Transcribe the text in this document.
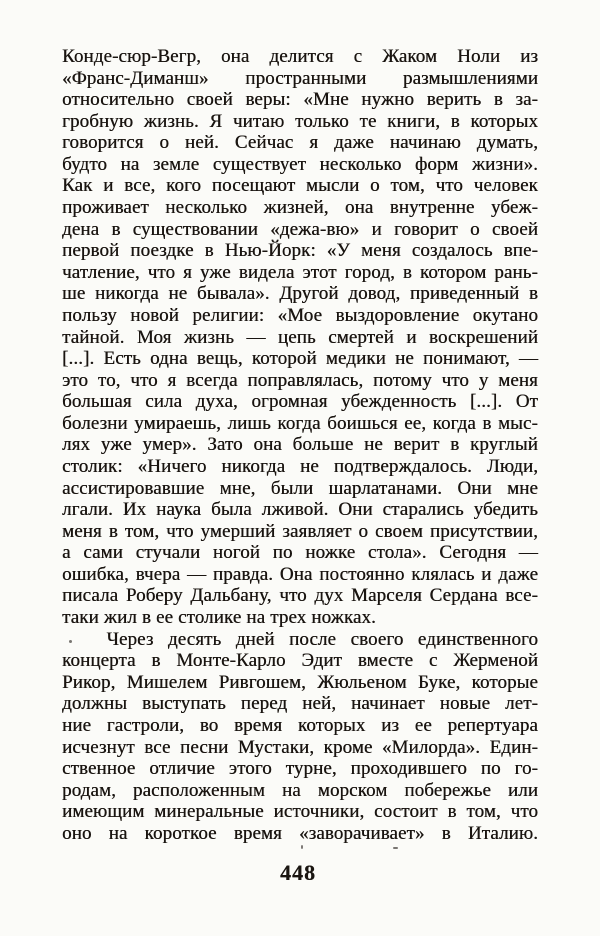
Конде-сюр-Вегр, она делится с Жаком Ноли из
«Франс-Диманш» пространными размышлениями
относительно своей веры: «Мне нужно верить в за-
гробную жизнь. Я читаю только те книги, в которых
говорится о ней. Сейчас я даже начинаю думать,
будто на земле существует несколько форм жизни».
Как и все, кого посещают мысли о том, что человек
проживает несколько жизней, она внутренне убеж-
дена в существовании «дежа-вю» и говорит о своей
первой поездке в Нью-Йорк: «У меня создалось впе-
чатление, что я уже видела этот город, в котором рань-
ше никогда не бывала». Другой довод, приведенный в
пользу новой религии: «Мое выздоровление окутано
тайной. Моя жизнь — цепь смертей и воскрешений
[...]. Есть одна вещь, которой медики не понимают, —
это то, что я всегда поправлялась, потому что у меня
большая сила духа, огромная убежденность [...]. От
болезни умираешь, лишь когда боишься ее, когда в мыс-
лях уже умер». Зато она больше не верит в круглый
столик: «Ничего никогда не подтверждалось. Люди,
ассистировавшие мне, были шарлатанами. Они мне
лгали. Их наука была лживой. Они старались убедить
меня в том, что умерший заявляет о своем присутствии,
а сами стучали ногой по ножке стола». Сегодня —
ошибка, вчера — правда. Она постоянно клялась и даже
писала Роберу Дальбану, что дух Марселя Сердана все-
таки жил в ее столике на трех ножках.
Через десять дней после своего единственного
концерта в Монте-Карло Эдит вместе с Жерменой
Рикор, Мишелем Ривгошем, Жюльеном Буке, которые
должны выступать перед ней, начинает новые лет-
ние гастроли, во время которых из ее репертуара
исчезнут все песни Мустаки, кроме «Милорда». Един-
ственное отличие этого турне, проходившего по го-
родам, расположенным на морском побережье или
имеющим минеральные источники, состоит в том, что
оно на короткое время «заворачивает» в Италию.
448
